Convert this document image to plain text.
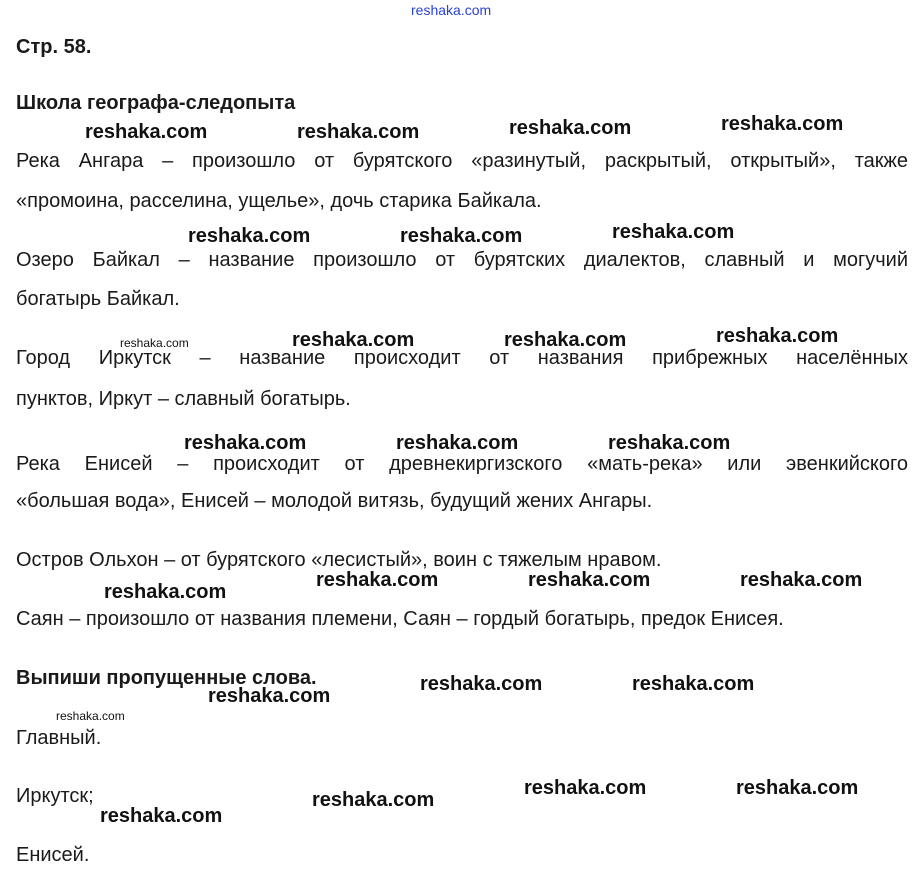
reshaka.com
Стр. 58.
Школа географа-следопыта
Река Ангара – произошло от бурятского «разинутый, раскрытый, открытый», также
«промоина, расселина, ущелье», дочь старика Байкала.
Озеро Байкал – название произошло от бурятских диалектов, славный и могучий
богатырь Байкал.
Город Иркутск – название происходит от названия прибрежных населённых
пунктов, Иркут – славный богатырь.
Река Енисей – происходит от древнекиргизского «мать-река» или эвенкийского
«большая вода», Енисей – молодой витязь, будущий жених Ангары.
Остров Ольхон – от бурятского «лесистый», воин с тяжелым нравом.
Саян – произошло от названия племени, Саян – гордый богатырь, предок Енисея.
Выпиши пропущенные слова.
Главный.
Иркутск;
Енисей.
reshaka.com	reshaka.com	reshaka.com	reshaka.com
reshaka.com	reshaka.com	reshaka.com
reshaka.com	reshaka.com	reshaka.com	reshaka.com
reshaka.com	reshaka.com	reshaka.com
reshaka.com
reshaka.com	reshaka.com	reshaka.com
reshaka.com
reshaka.com	reshaka.com
reshaka.com
reshaka.com	reshaka.com
reshaka.com
reshaka.com
